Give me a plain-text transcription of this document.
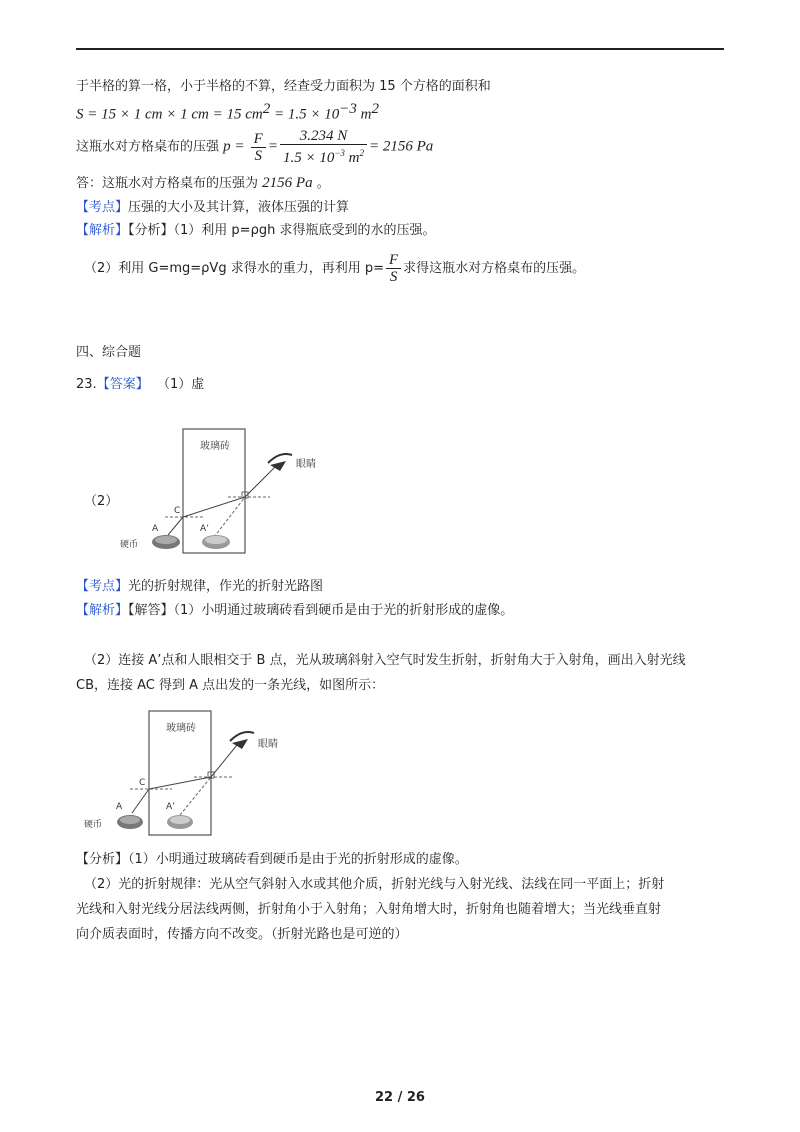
于半格的算一格，小于半格的不算，经查受力面积为 15 个方格的面积和
S = 15 × 1 cm × 1 cm = 15 $cm^2 = 1.5 \times 10^{-3}$ $m^2$
这瓶水对方格桌布的压强 $p = \frac{F}{S} = \frac{3.234 N}{1.5 \times 10^{-3} m^2} = 2156$ Pa
答：这瓶水对方格桌布的压强为 2156 Pa 。
【考点】压强的大小及其计算，液体压强的计算
【解析】【分析】（1）利用 p=ρgh 求得瓶底受到的水的压强。
（2）利用 G=mg=ρVg 求得水的重力，再利用 $p= \frac{F}{S}$ 求得这瓶水对方格桌布的压强。
四、综合题
23.【答案】 （1）虚
（2）
玻璃砖
眼睛
C
A	A’
硬币
【考点】光的折射规律，作光的折射光路图
【解析】【解答】（1）小明通过玻璃砖看到硬币是由于光的折射形成的虚像。
（2）连接 A’点和人眼相交于 B 点，光从玻璃斜射入空气时发生折射，折射角大于入射角，画出入射光线
CB，连接 AC 得到 A 点出发的一条光线，如图所示：
玻璃砖
眼睛
C
A	A’
硬币
【分析】（1）小明通过玻璃砖看到硬币是由于光的折射形成的虚像。
（2）光的折射规律：光从空气斜射入水或其他介质，折射光线与入射光线、法线在同一平面上；折射
光线和入射光线分居法线两侧，折射角小于入射角；入射角增大时，折射角也随着增大；当光线垂直射
向介质表面时，传播方向不改变。（折射光路也是可逆的）
22 / 26
